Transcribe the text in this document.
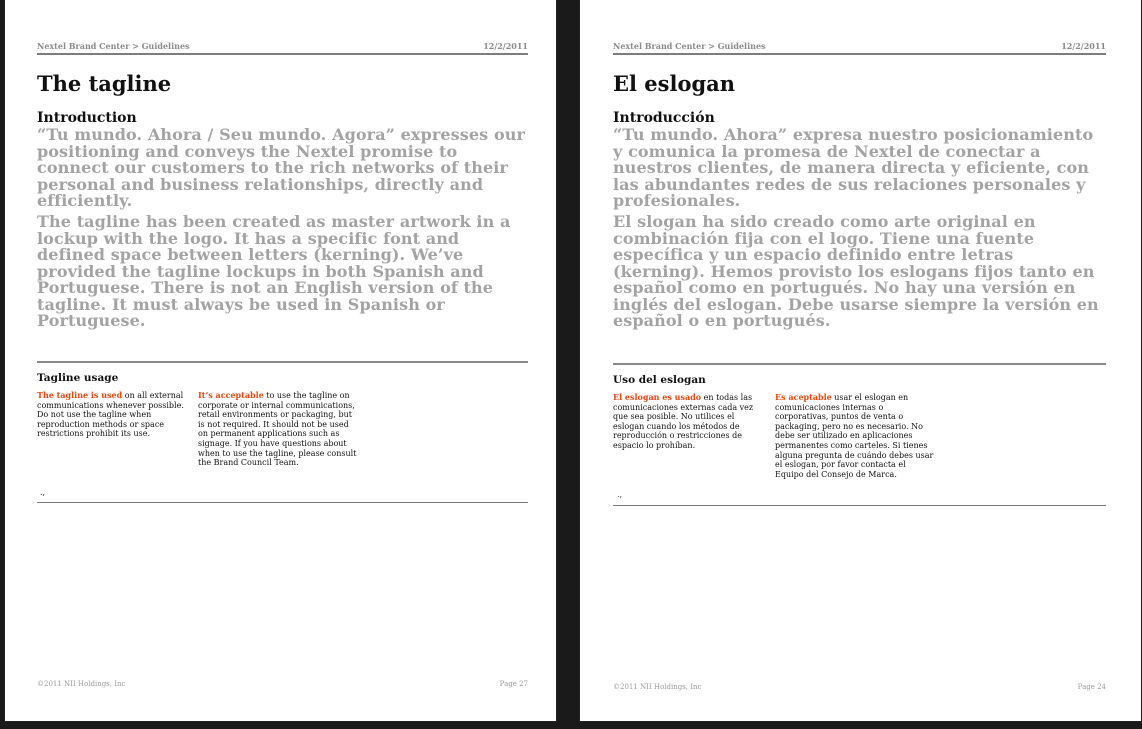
Nextel Brand Center > Guidelines	12/2/2011
The tagline
Introduction

“Tu mundo. Ahora / Seu mundo. Agora” expresses our positioning and conveys the Nextel promise to connect our customers to the rich networks of their personal and business relationships, directly and efficiently.

The tagline has been created as master artwork in a lockup with the logo. It has a specific font and defined space between letters (kerning). We’ve provided the tagline lockups in both Spanish and Portuguese. There is not an English version of the tagline. It must always be used in Spanish or Portuguese.

Tagline usage

The tagline is used on all external communications whenever possible. Do not use the tagline when reproduction methods or space restrictions prohibit its use.

It’s acceptable to use the tagline on corporate or internal communications, retail environments or packaging, but is not required. It should not be used on permanent applications such as signage. If you have questions about when to use the tagline, please consult the Brand Council Team.

.,
©2011 NII Holdings, Inc	Page 27
Nextel Brand Center > Guidelines	12/2/2011
El eslogan
Introducción

“Tu mundo. Ahora” expresa nuestro posicionamiento y comunica la promesa de Nextel de conectar a nuestros clientes, de manera directa y eficiente, con las abundantes redes de sus relaciones personales y profesionales.

El slogan ha sido creado como arte original en combinación fija con el logo. Tiene una fuente específica y un espacio definido entre letras (kerning). Hemos provisto los eslogans fijos tanto en español como en portugués. No hay una versión en inglés del eslogan. Debe usarse siempre la versión en español o en portugués.

Uso del eslogan

El eslogan es usado en todas las comunicaciones externas cada vez que sea posible. No utilices el eslogan cuando los métodos de reproducción o restricciones de espacio lo prohíban.

Es aceptable usar el eslogan en comunicaciones internas o corporativas, puntos de venta o packaging, pero no es necesario. No debe ser utilizado en aplicaciones permanentes como carteles. Si tienes alguna pregunta de cuándo debes usar el eslogan, por favor contacta el Equipo del Consejo de Marca.

.,
©2011 NII Holdings, Inc	Page 24
